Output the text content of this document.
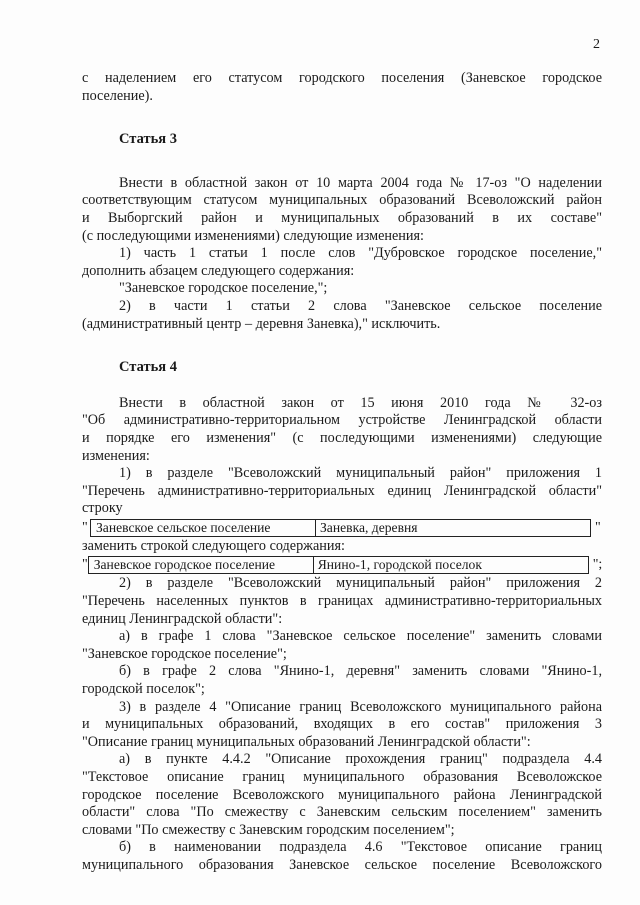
2
с наделением его статусом городского поселения (Заневское городское
поселение).
Статья 3
Внести в областной закон от 10 марта 2004 года № 17-оз "О наделении
соответствующим статусом муниципальных образований Всеволожский район
и Выборгский район и муниципальных образований в их составе"
(с последующими изменениями) следующие изменения:
1) часть 1 статьи 1 после слов "Дубровское городское поселение,"
дополнить абзацем следующего содержания:
"Заневское городское поселение,";
2) в части 1 статьи 2 слова "Заневское сельское поселение
(административный центр – деревня Заневка)," исключить.
Статья 4
Внести в областной закон от 15 июня 2010 года № 32-оз
"Об административно-территориальном устройстве Ленинградской области
и порядке его изменения" (с последующими изменениями) следующие
изменения:
1) в разделе "Всеволожский муниципальный район" приложения 1
"Перечень административно-территориальных единиц Ленинградской области"
строку
" Заневское сельское поселение	Заневка, деревня	"
заменить строкой следующего содержания:
" Заневское городское поселение	Янино-1, городской поселок	";
2) в разделе "Всеволожский муниципальный район" приложения 2
"Перечень населенных пунктов в границах административно-территориальных
единиц Ленинградской области":
а) в графе 1 слова "Заневское сельское поселение" заменить словами
"Заневское городское поселение";
б) в графе 2 слова "Янино-1, деревня" заменить словами "Янино-1,
городской поселок";
3) в разделе 4 "Описание границ Всеволожского муниципального района
и муниципальных образований, входящих в его состав" приложения 3
"Описание границ муниципальных образований Ленинградской области":
а) в пункте 4.4.2 "Описание прохождения границ" подраздела 4.4
"Текстовое описание границ муниципального образования Всеволожское
городское поселение Всеволожского муниципального района Ленинградской
области" слова "По смежеству с Заневским сельским поселением" заменить
словами "По смежеству с Заневским городским поселением";
б) в наименовании подраздела 4.6 "Текстовое описание границ
муниципального образования Заневское сельское поселение Всеволожского
